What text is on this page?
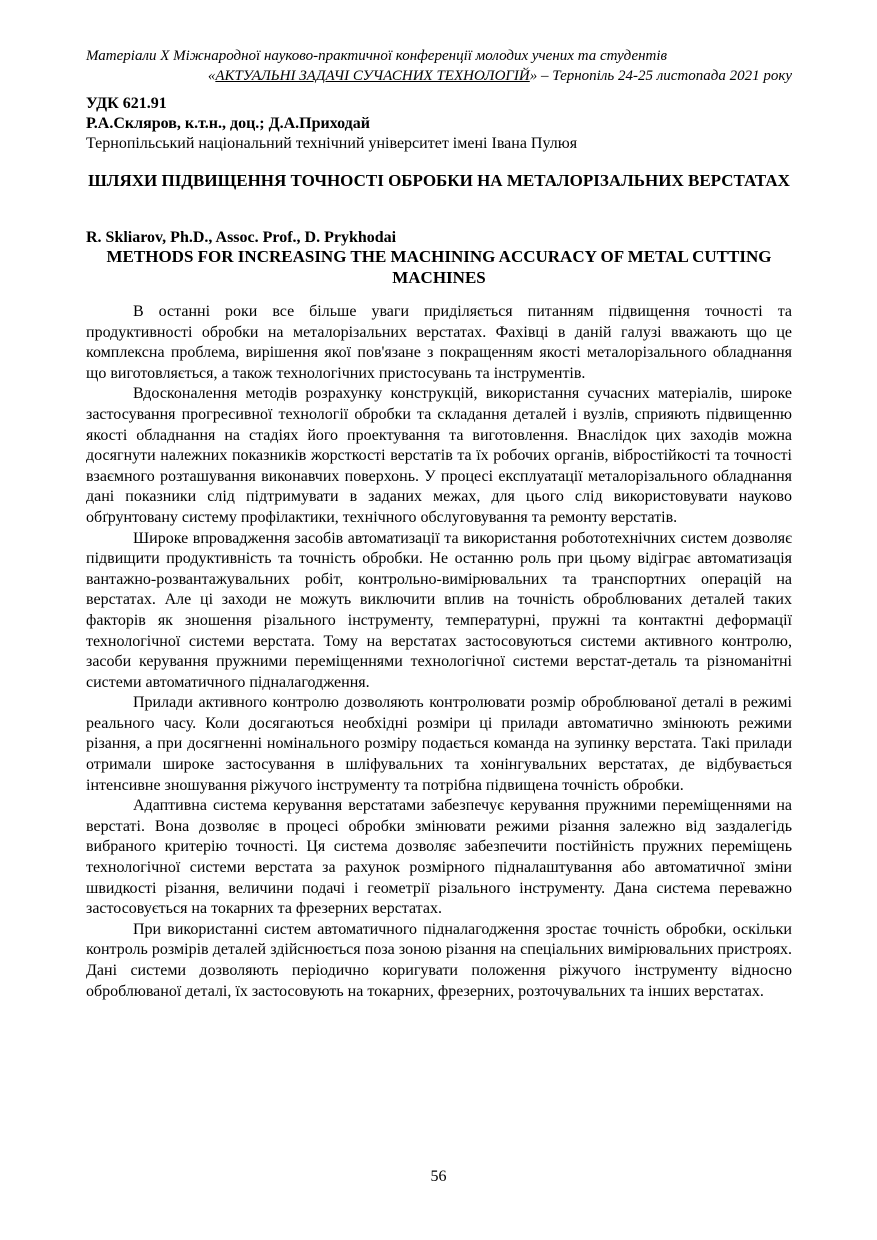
Матеріали X Міжнародної науково-практичної конференції молодих учених та студентів
«АКТУАЛЬНІ ЗАДАЧІ СУЧАСНИХ ТЕХНОЛОГІЙ» – Тернопіль 24-25 листопада 2021 року
УДК 621.91
Р.А.Скляров, к.т.н., доц.; Д.А.Приходай
Тернопільський національний технічний університет імені Івана Пулюя
ШЛЯХИ ПІДВИЩЕННЯ ТОЧНОСТІ ОБРОБКИ НА МЕТАЛОРІЗАЛЬНИХ ВЕРСТАТАХ
R. Skliarov, Ph.D., Assoc. Prof., D. Prykhodai
METHODS FOR INCREASING THE MACHINING ACCURACY OF METAL CUTTING MACHINES

В останні роки все більше уваги приділяється питанням підвищення точності та продуктивності обробки на металорізальних верстатах. Фахівці в даній галузі вважають що це комплексна проблема, вирішення якої пов'язане з покращенням якості металорізального обладнання що виготовляється, а також технологічних пристосувань та інструментів.

Вдосконалення методів розрахунку конструкцій, використання сучасних матеріалів, широке застосування прогресивної технології обробки та складання деталей і вузлів, сприяють підвищенню якості обладнання на стадіях його проектування та виготовлення. Внаслідок цих заходів можна досягнути належних показників жорсткості верстатів та їх робочих органів, вібростійкості та точності взаємного розташування виконавчих поверхонь. У процесі експлуатації металорізального обладнання дані показники слід підтримувати в заданих межах, для цього слід використовувати науково обґрунтовану систему профілактики, технічного обслуговування та ремонту верстатів.

Широке впровадження засобів автоматизації та використання робототехнічних систем дозволяє підвищити продуктивність та точність обробки. Не останню роль при цьому відіграє автоматизація вантажно-розвантажувальних робіт, контрольно-вимірювальних та транспортних операцій на верстатах. Але ці заходи не можуть виключити вплив на точність оброблюваних деталей таких факторів як зношення різального інструменту, температурні, пружні та контактні деформації технологічної системи верстата. Тому на верстатах застосовуються системи активного контролю, засоби керування пружними переміщеннями технологічної системи верстат-деталь та різноманітні системи автоматичного підналагодження.

Прилади активного контролю дозволяють контролювати розмір оброблюваної деталі в режимі реального часу. Коли досягаються необхідні розміри ці прилади автоматично змінюють режими різання, а при досягненні номінального розміру подається команда на зупинку верстата. Такі прилади отримали широке застосування в шліфувальних та хонінгувальних верстатах, де відбувається інтенсивне зношування ріжучого інструменту та потрібна підвищена точність обробки.

Адаптивна система керування верстатами забезпечує керування пружними переміщеннями на верстаті. Вона дозволяє в процесі обробки змінювати режими різання залежно від заздалегідь вибраного критерію точності. Ця система дозволяє забезпечити постійність пружних переміщень технологічної системи верстата за рахунок розмірного підналаштування або автоматичної зміни швидкості різання, величини подачі і геометрії різального інструменту. Дана система переважно застосовується на токарних та фрезерних верстатах.

При використанні систем автоматичного підналагодження зростає точність обробки, оскільки контроль розмірів деталей здійснюється поза зоною різання на спеціальних вимірювальних пристроях. Дані системи дозволяють періодично коригувати положення ріжучого інструменту відносно оброблюваної деталі, їх застосовують на токарних, фрезерних, розточувальних та інших верстатах.

56
